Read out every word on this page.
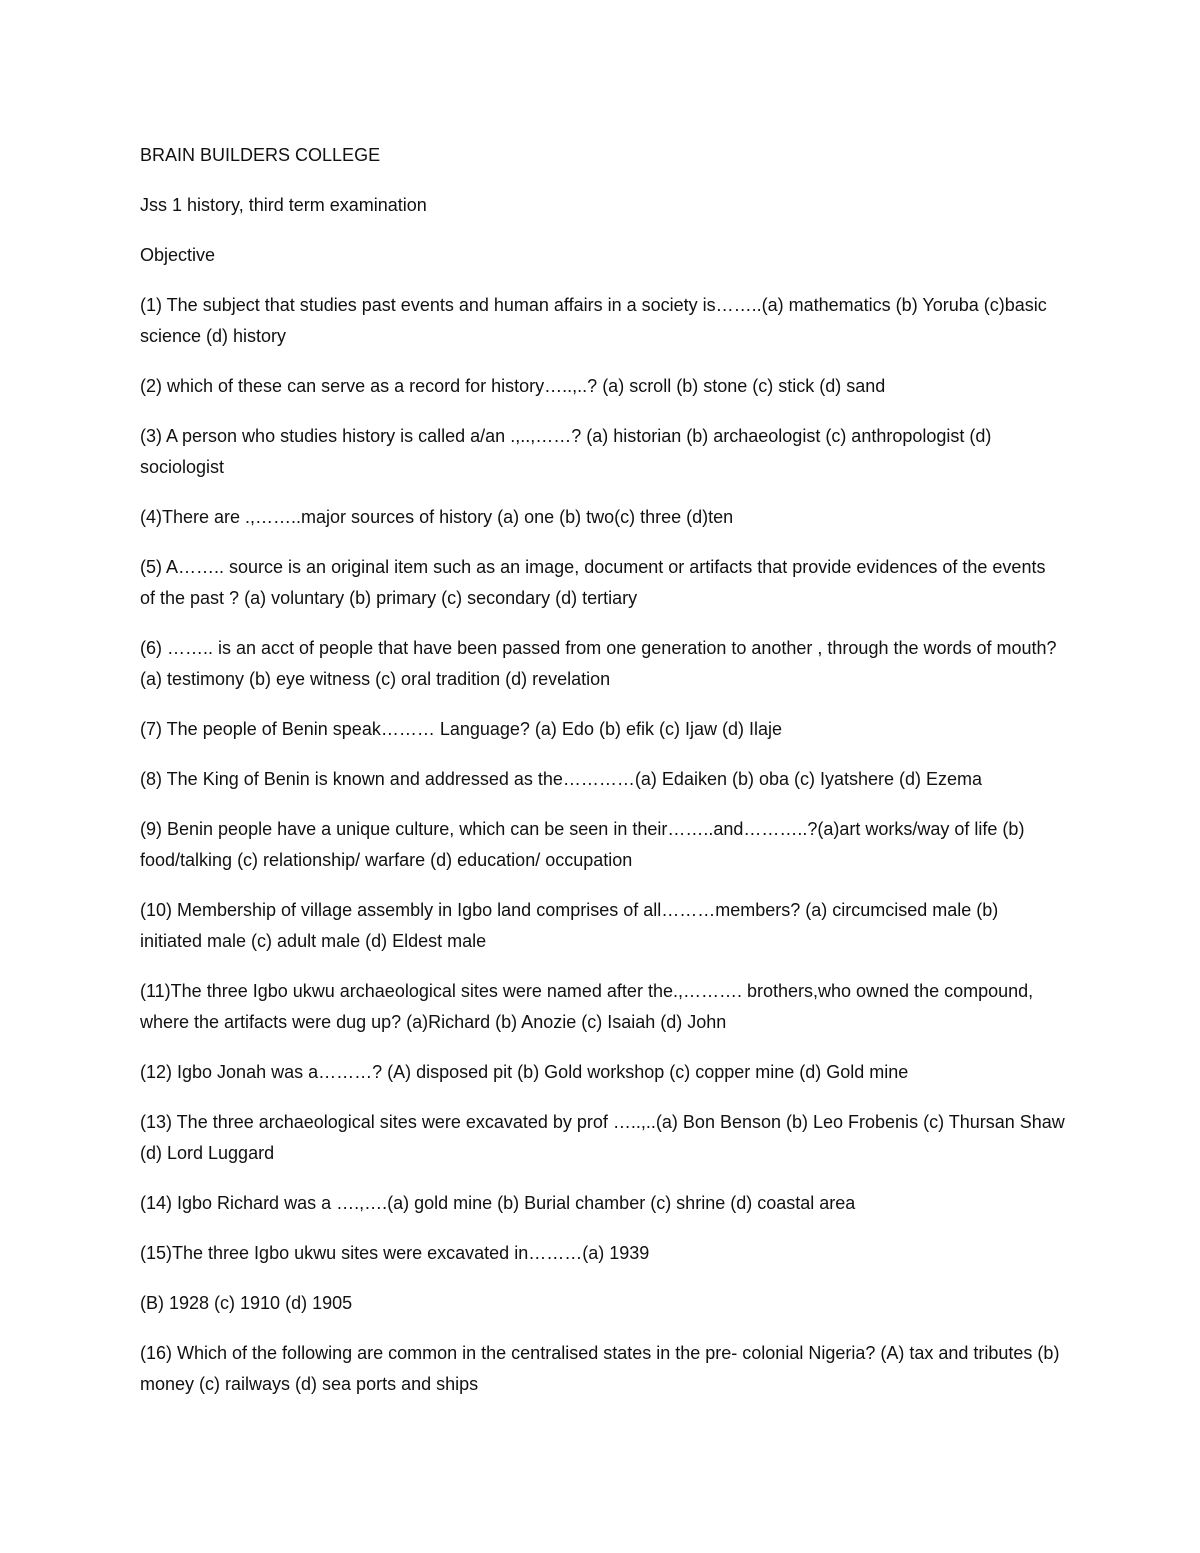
BRAIN BUILDERS COLLEGE
Jss 1 history, third term examination
Objective
(1) The subject that studies past events and human affairs in a society is……..(a) mathematics (b) Yoruba (c)basic science (d) history
(2) which of these can serve as a record for history…..,..? (a) scroll (b) stone (c) stick (d) sand
(3) A person who studies history is called a/an .,..,……? (a) historian (b) archaeologist (c) anthropologist (d) sociologist
(4)There are .,……..major sources of history (a) one (b) two(c) three (d)ten
(5) A…….. source is an original item such as an image, document or artifacts that provide evidences of the events of the past ? (a) voluntary (b) primary (c) secondary (d) tertiary
(6) …….. is an acct of people that have been passed from one generation to another , through the words of mouth? (a) testimony (b) eye witness (c) oral tradition (d) revelation
(7) The people of Benin speak……… Language? (a) Edo (b) efik (c) Ijaw (d) Ilaje
(8) The King of Benin is known and addressed as the…………(a) Edaiken (b) oba (c) Iyatshere (d) Ezema
(9) Benin people have a unique culture, which can be seen in their……..and………..?(a)art works/way of life (b) food/talking (c) relationship/ warfare (d) education/ occupation
(10) Membership of village assembly in Igbo land comprises of all………members? (a) circumcised male (b) initiated male (c) adult male (d) Eldest male
(11)The three Igbo ukwu archaeological sites were named after the.,………. brothers,who owned the compound, where the artifacts were dug up? (a)Richard (b) Anozie (c) Isaiah (d) John
(12) Igbo Jonah was a………? (A) disposed pit (b) Gold workshop (c) copper mine (d) Gold mine
(13) The three archaeological sites were excavated by prof …..,..(a) Bon Benson (b) Leo Frobenis (c) Thursan Shaw (d) Lord Luggard
(14) Igbo Richard was a ….,….(a) gold mine (b) Burial chamber (c) shrine (d) coastal area
(15)The three Igbo ukwu sites were excavated in………(a) 1939
(B) 1928 (c) 1910 (d) 1905
(16) Which of the following are common in the centralised states in the pre- colonial Nigeria? (A) tax and tributes (b) money (c) railways (d) sea ports and ships
